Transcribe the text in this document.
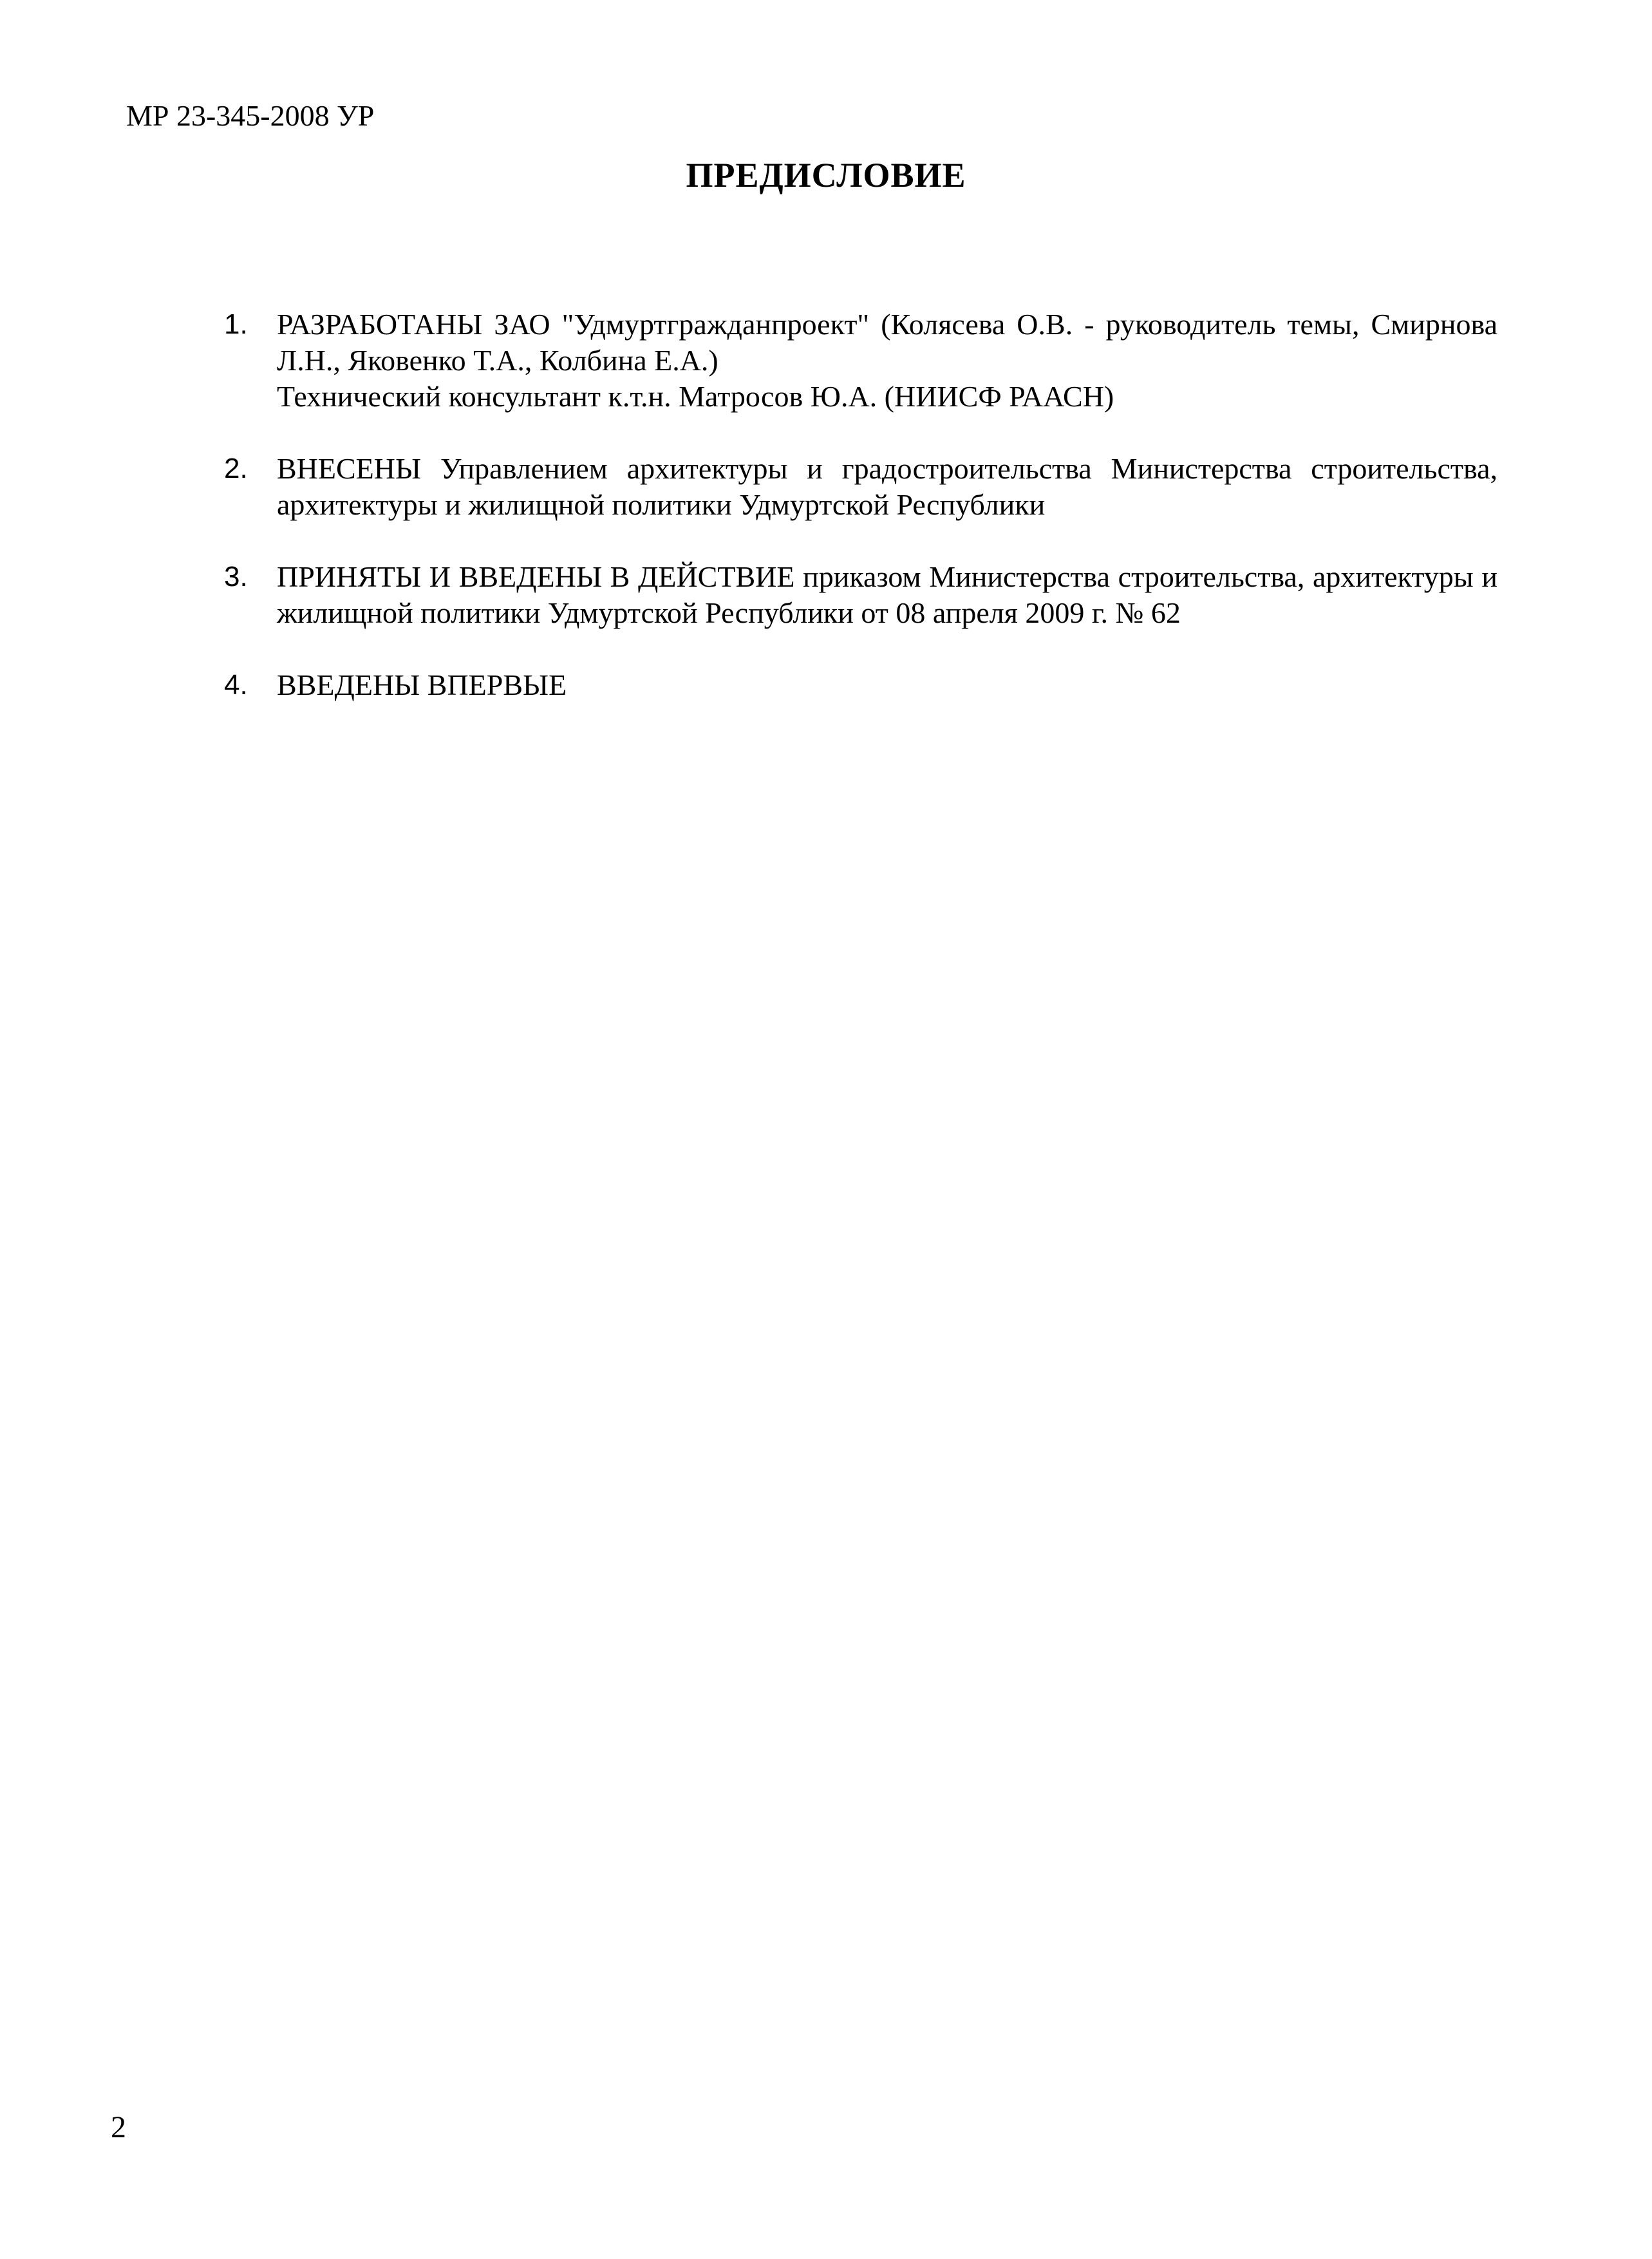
МР 23-345-2008 УР
ПРЕДИСЛОВИЕ
1. РАЗРАБОТАНЫ ЗАО "Удмуртгражданпроект" (Колясева О.В. - руководитель темы, Смирнова Л.Н., Яковенко Т.А., Колбина Е.А.)
Технический консультант к.т.н. Матросов Ю.А. (НИИСФ РААСН)
2. ВНЕСЕНЫ Управлением архитектуры и градостроительства Министерства строительства, архитектуры и жилищной политики Удмуртской Республики
3. ПРИНЯТЫ И ВВЕДЕНЫ В ДЕЙСТВИЕ приказом Министерства строительства, архитектуры и жилищной политики Удмуртской Республики от 08 апреля 2009 г. № 62
4. ВВЕДЕНЫ ВПЕРВЫЕ
2
